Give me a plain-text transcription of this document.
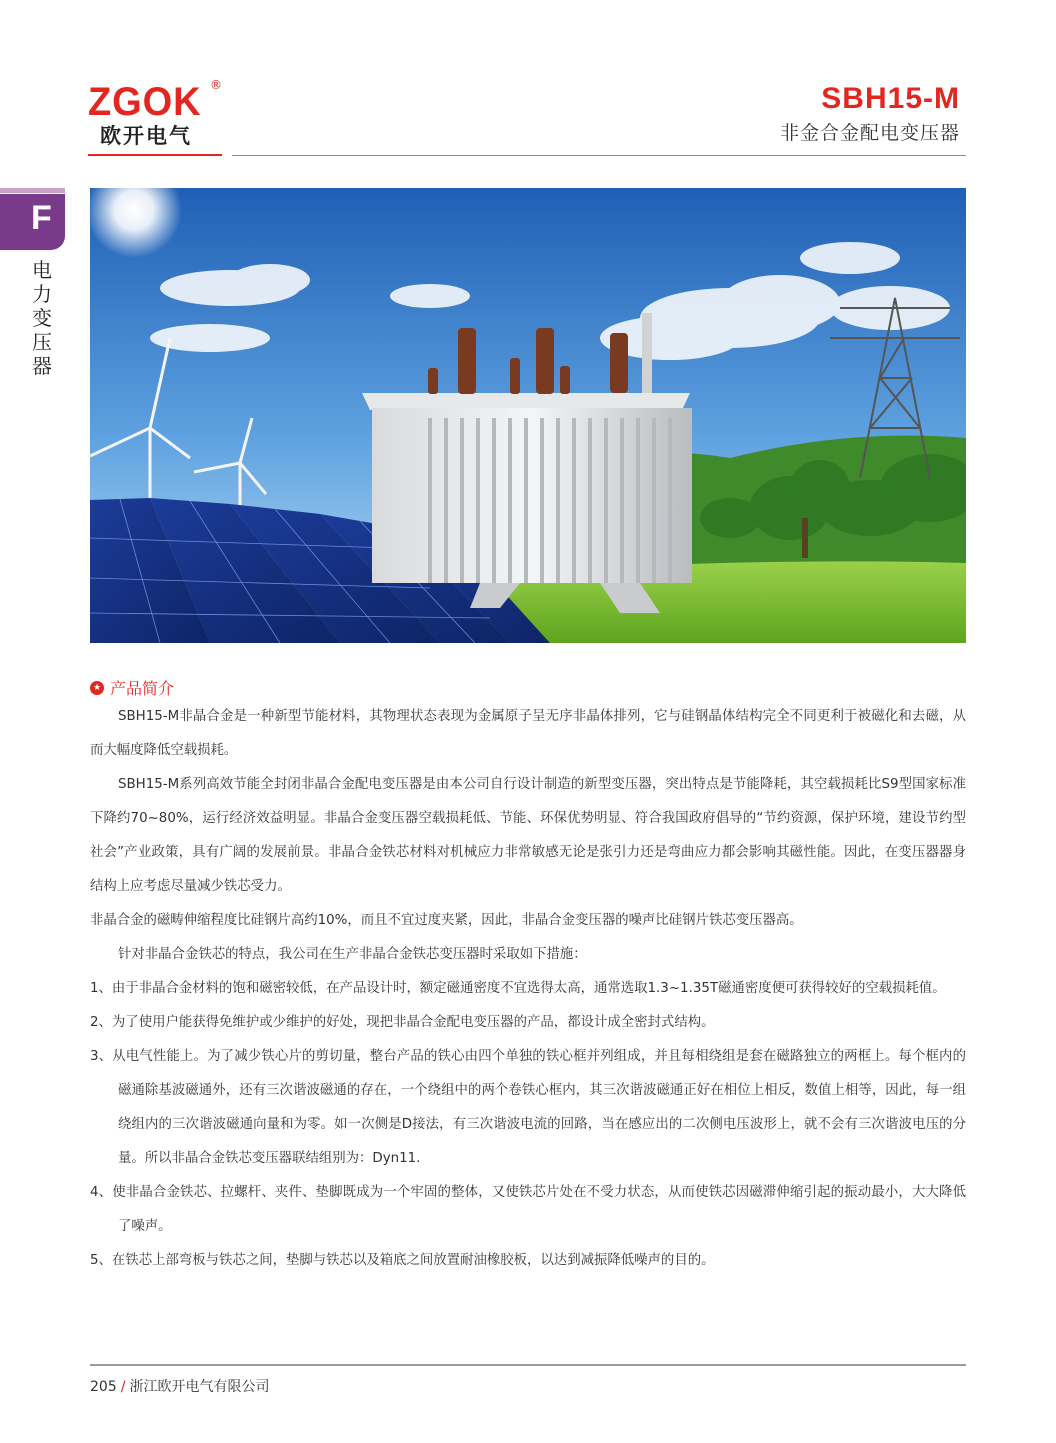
ZGOK ®
欧开电气
SBH15-M
非金合金配电变压器
F
电力变压器
★ 产品简介

SBH15-M非晶合金是一种新型节能材料，其物理状态表现为金属原子呈无序非晶体排列，它与硅钢晶体结构完全不同更利于被磁化和去磁，从而大幅度降低空载损耗。

SBH15-M系列高效节能全封闭非晶合金配电变压器是由本公司自行设计制造的新型变压器，突出特点是节能降耗，其空载损耗比S9型国家标准下降约70~80%，运行经济效益明显。非晶合金变压器空载损耗低、节能、环保优势明显、符合我国政府倡导的“节约资源，保护环境，建设节约型社会”产业政策，具有广阔的发展前景。非晶合金铁芯材料对机械应力非常敏感无论是张引力还是弯曲应力都会影响其磁性能。因此，在变压器器身结构上应考虑尽量减少铁芯受力。

非晶合金的磁畴伸缩程度比硅钢片高约10%，而且不宜过度夹紧，因此，非晶合金变压器的噪声比硅钢片铁芯变压器高。

针对非晶合金铁芯的特点，我公司在生产非晶合金铁芯变压器时采取如下措施：

1、由于非晶合金材料的饱和磁密较低，在产品设计时，额定磁通密度不宜选得太高，通常选取1.3~1.35T磁通密度便可获得较好的空载损耗值。

2、为了使用户能获得免维护或少维护的好处，现把非晶合金配电变压器的产品，都设计成全密封式结构。

3、从电气性能上。为了减少铁心片的剪切量，整台产品的铁心由四个单独的铁心框并列组成，并且每相绕组是套在磁路独立的两框上。每个框内的磁通除基波磁通外，还有三次谐波磁通的存在，一个绕组中的两个卷铁心框内，其三次谐波磁通正好在相位上相反，数值上相等，因此，每一组绕组内的三次谐波磁通向量和为零。如一次侧是D接法，有三次谐波电流的回路，当在感应出的二次侧电压波形上，就不会有三次谐波电压的分量。所以非晶合金铁芯变压器联结组别为：Dyn11.

4、使非晶合金铁芯、拉螺杆、夹件、垫脚既成为一个牢固的整体，又使铁芯片处在不受力状态，从而使铁芯因磁滞伸缩引起的振动最小，大大降低了噪声。

5、在铁芯上部弯板与铁芯之间，垫脚与铁芯以及箱底之间放置耐油橡胶板，以达到减振降低噪声的目的。

205 / 浙江欧开电气有限公司
